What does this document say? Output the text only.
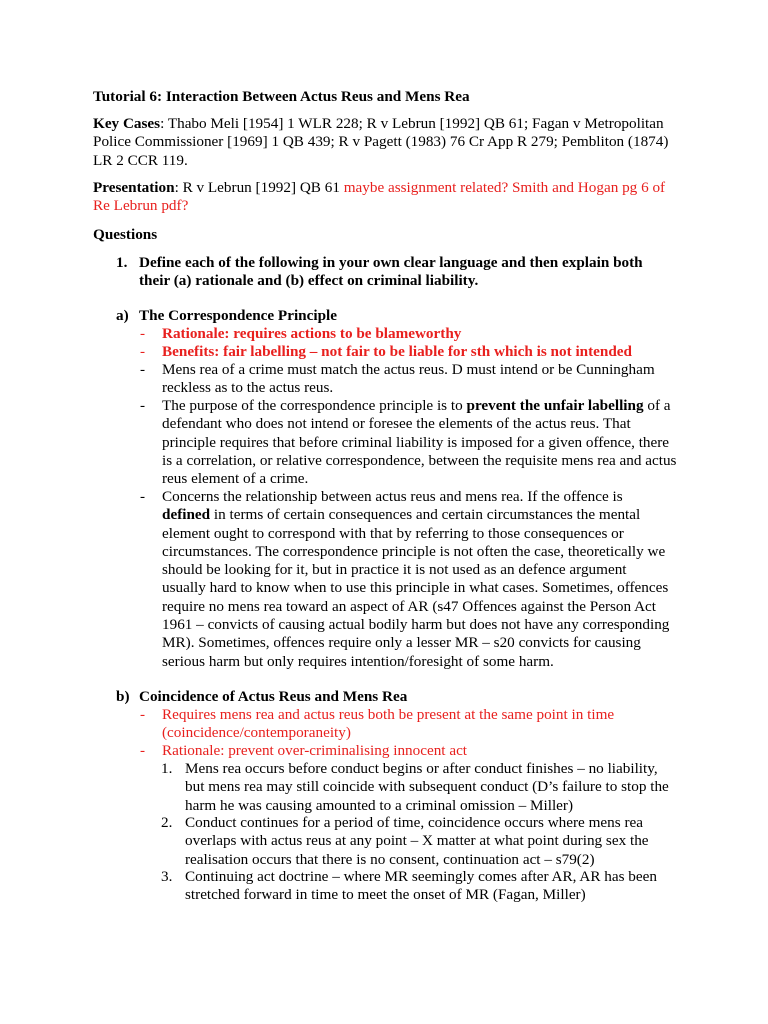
Tutorial 6: Interaction Between Actus Reus and Mens Rea

Key Cases: Thabo Meli [1954] 1 WLR 228; R v Lebrun [1992] QB 61; Fagan v Metropolitan Police Commissioner [1969] 1 QB 439; R v Pagett (1983) 76 Cr App R 279; Pembliton (1874) LR 2 CCR 119.

Presentation: R v Lebrun [1992] QB 61 maybe assignment related? Smith and Hogan pg 6 of Re Lebrun pdf?

Questions

1. Define each of the following in your own clear language and then explain both their (a) rationale and (b) effect on criminal liability.
a) The Correspondence Principle
- Rationale: requires actions to be blameworthy
- Benefits: fair labelling – not fair to be liable for sth which is not intended
- Mens rea of a crime must match the actus reus. D must intend or be Cunningham reckless as to the actus reus.
- The purpose of the correspondence principle is to prevent the unfair labelling of a defendant who does not intend or foresee the elements of the actus reus. That principle requires that before criminal liability is imposed for a given offence, there is a correlation, or relative correspondence, between the requisite mens rea and actus reus element of a crime.
- Concerns the relationship between actus reus and mens rea. If the offence is defined in terms of certain consequences and certain circumstances the mental element ought to correspond with that by referring to those consequences or circumstances. The correspondence principle is not often the case, theoretically we should be looking for it, but in practice it is not used as an defence argument usually hard to know when to use this principle in what cases. Sometimes, offences require no mens rea toward an aspect of AR (s47 Offences against the Person Act 1961 – convicts of causing actual bodily harm but does not have any corresponding MR). Sometimes, offences require only a lesser MR – s20 convicts for causing serious harm but only requires intention/foresight of some harm.
b) Coincidence of Actus Reus and Mens Rea
- Requires mens rea and actus reus both be present at the same point in time (coincidence/contemporaneity)
- Rationale: prevent over-criminalising innocent act
1. Mens rea occurs before conduct begins or after conduct finishes – no liability, but mens rea may still coincide with subsequent conduct (D’s failure to stop the harm he was causing amounted to a criminal omission – Miller)
2. Conduct continues for a period of time, coincidence occurs where mens rea overlaps with actus reus at any point – X matter at what point during sex the realisation occurs that there is no consent, continuation act – s79(2)
3. Continuing act doctrine – where MR seemingly comes after AR, AR has been stretched forward in time to meet the onset of MR (Fagan, Miller)
